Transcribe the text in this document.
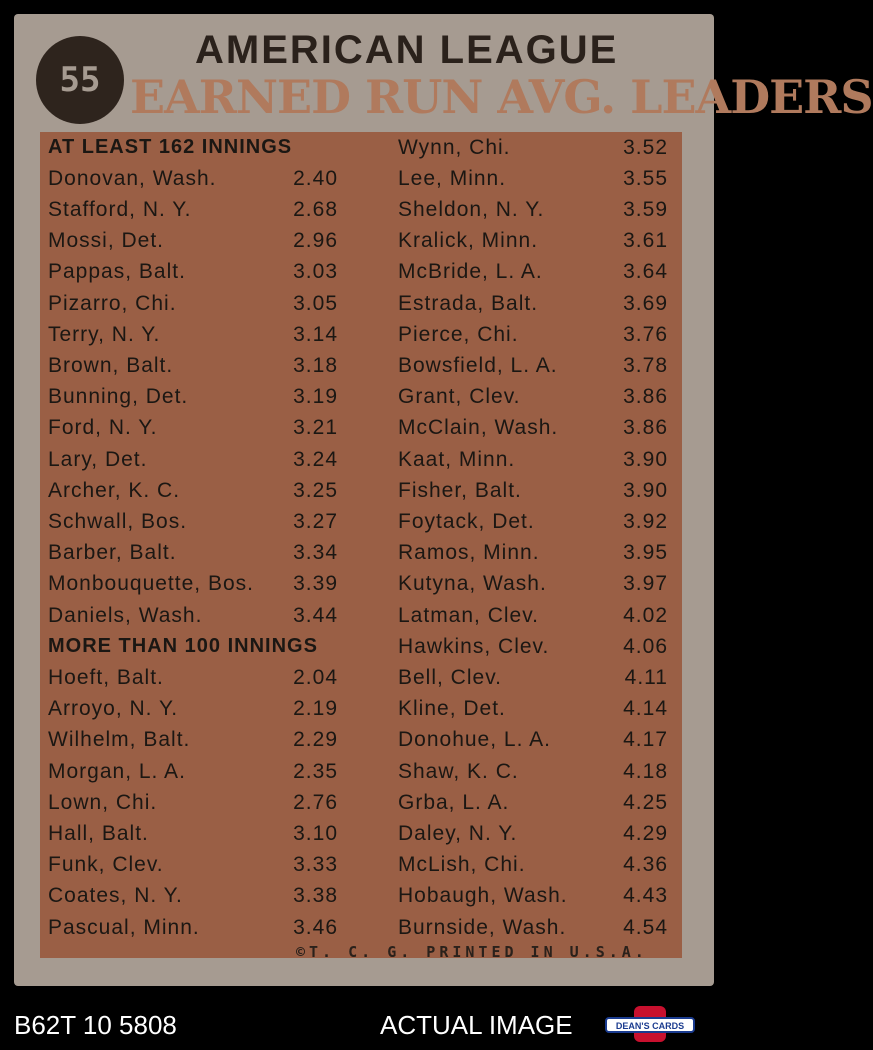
55
AMERICAN LEAGUE
EARNED RUN AVG. LEADERS
AT LEAST 162 INNINGS
Donovan, Wash.	2.40
Stafford, N. Y.	2.68
Mossi, Det.	2.96
Pappas, Balt.	3.03
Pizarro, Chi.	3.05
Terry, N. Y.	3.14
Brown, Balt.	3.18
Bunning, Det.	3.19
Ford, N. Y.	3.21
Lary, Det.	3.24
Archer, K. C.	3.25
Schwall, Bos.	3.27
Barber, Balt.	3.34
Monbouquette, Bos. 3.39
Daniels, Wash.	3.44
MORE THAN 100 INNINGS
Hoeft, Balt.	2.04
Arroyo, N. Y.	2.19
Wilhelm, Balt.	2.29
Morgan, L. A.	2.35
Lown, Chi.	2.76
Hall, Balt.	3.10
Funk, Clev.	3.33
Coates, N. Y.	3.38
Pascual, Minn.	3.46
Wynn, Chi.	3.52
Lee, Minn.	3.55
Sheldon, N. Y.	3.59
Kralick, Minn.	3.61
McBride, L. A.	3.64
Estrada, Balt.	3.69
Pierce, Chi.	3.76
Bowsfield, L. A.	3.78
Grant, Clev.	3.86
McClain, Wash.	3.86
Kaat, Minn.	3.90
Fisher, Balt.	3.90
Foytack, Det.	3.92
Ramos, Minn.	3.95
Kutyna, Wash.	3.97
Latman, Clev.	4.02
Hawkins, Clev.	4.06
Bell, Clev.	4.11
Kline, Det.	4.14
Donohue, L. A.	4.17
Shaw, K. C.	4.18
Grba, L. A.	4.25
Daley, N. Y.	4.29
McLish, Chi.	4.36
Hobaugh, Wash.	4.43
Burnside, Wash.	4.54
©T. C. G. PRINTED IN U.S.A.
B62T 10 5808	ACTUAL IMAGE	DEAN'S CARDS
